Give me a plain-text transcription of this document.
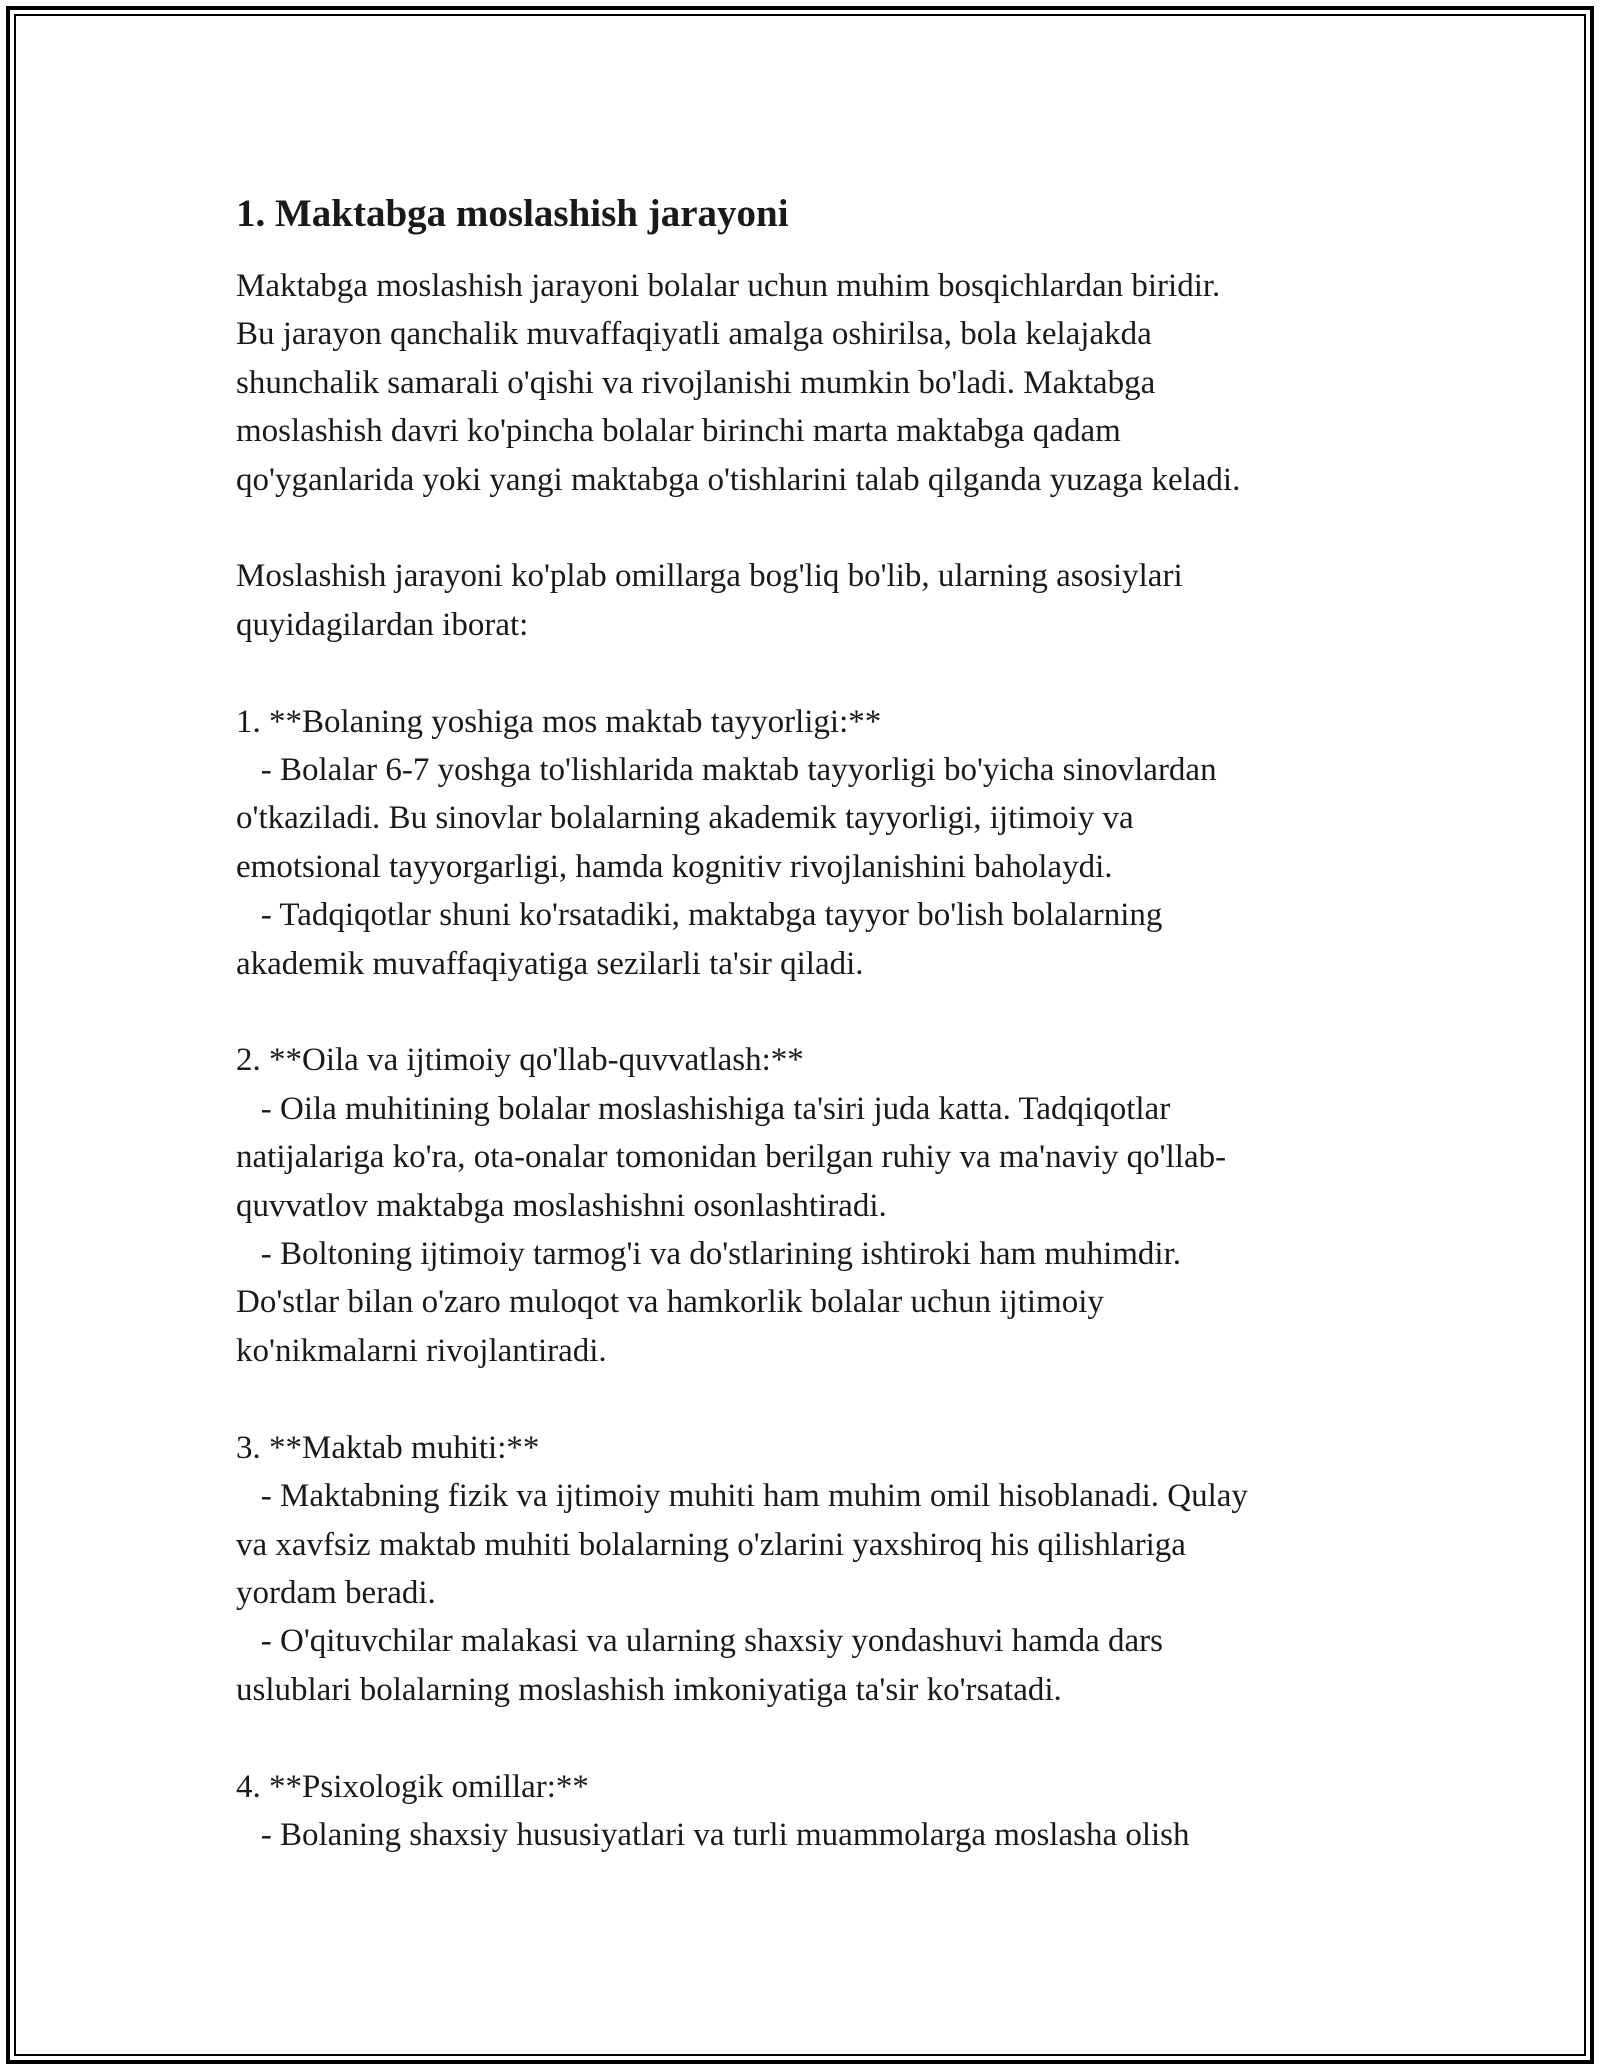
1. Maktabga moslashish jarayoni
Maktabga moslashish jarayoni bolalar uchun muhim bosqichlardan biridir.
Bu jarayon qanchalik muvaffaqiyatli amalga oshirilsa, bola kelajakda
shunchalik samarali o'qishi va rivojlanishi mumkin bo'ladi. Maktabga
moslashish davri ko'pincha bolalar birinchi marta maktabga qadam
qo'yganlarida yoki yangi maktabga o'tishlarini talab qilganda yuzaga keladi.
Moslashish jarayoni ko'plab omillarga bog'liq bo'lib, ularning asosiylari
quyidagilardan iborat:
1. **Bolaning yoshiga mos maktab tayyorligi:**
- Bolalar 6-7 yoshga to'lishlarida maktab tayyorligi bo'yicha sinovlardan
o'tkaziladi. Bu sinovlar bolalarning akademik tayyorligi, ijtimoiy va
emotsional tayyorgarligi, hamda kognitiv rivojlanishini baholaydi.
- Tadqiqotlar shuni ko'rsatadiki, maktabga tayyor bo'lish bolalarning
akademik muvaffaqiyatiga sezilarli ta'sir qiladi.
2. **Oila va ijtimoiy qo'llab-quvvatlash:**
- Oila muhitining bolalar moslashishiga ta'siri juda katta. Tadqiqotlar
natijalariga ko'ra, ota-onalar tomonidan berilgan ruhiy va ma'naviy qo'llab-
quvvatlov maktabga moslashishni osonlashtiradi.
- Boltoning ijtimoiy tarmog'i va do'stlarining ishtiroki ham muhimdir.
Do'stlar bilan o'zaro muloqot va hamkorlik bolalar uchun ijtimoiy
ko'nikmalarni rivojlantiradi.
3. **Maktab muhiti:**
- Maktabning fizik va ijtimoiy muhiti ham muhim omil hisoblanadi. Qulay
va xavfsiz maktab muhiti bolalarning o'zlarini yaxshiroq his qilishlariga
yordam beradi.
- O'qituvchilar malakasi va ularning shaxsiy yondashuvi hamda dars
uslublari bolalarning moslashish imkoniyatiga ta'sir ko'rsatadi.
4. **Psixologik omillar:**
- Bolaning shaxsiy hususiyatlari va turli muammolarga moslasha olish
